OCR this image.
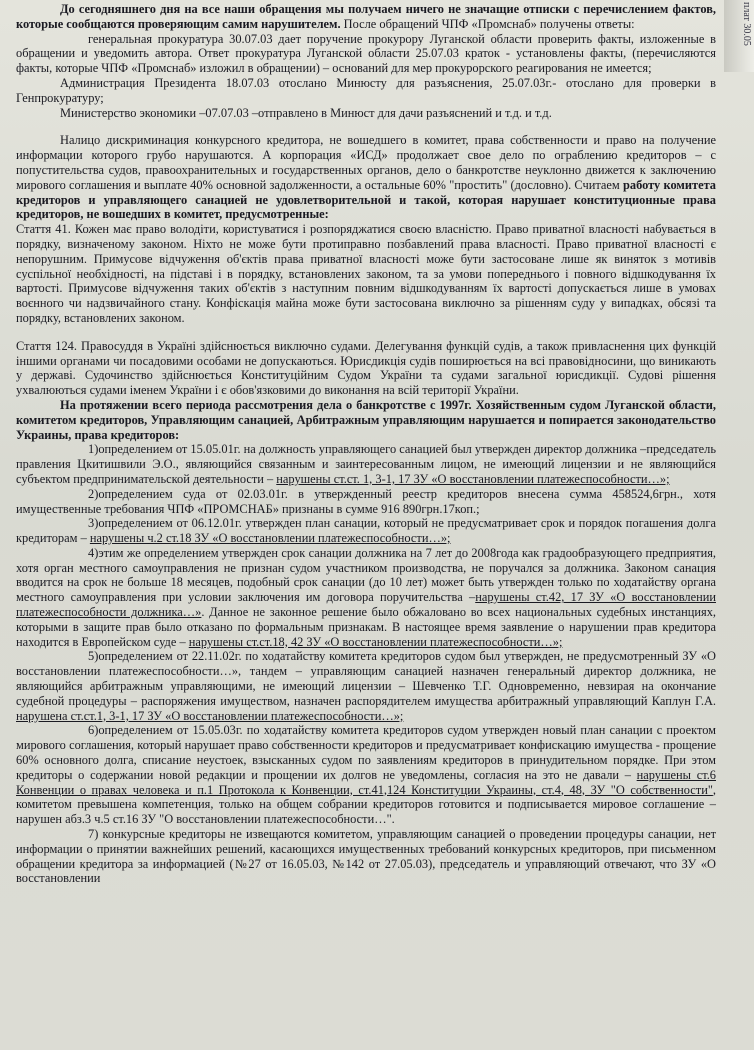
плат 30.05

До сегодняшнего дня на все наши обращения мы получаем ничего не значащие отписки с перечислением фактов, которые сообщаются проверяющим самим нарушителем. После обращений ЧПФ «Промснаб» получены ответы:

генеральная прокуратура 30.07.03 дает поручение прокурору Луганской области проверить факты, изложенные в обращении и уведомить автора. Ответ прокуратура Луганской области 25.07.03 краток - установлены факты, (перечисляются факты, которые ЧПФ «Промснаб» изложил в обращении) – оснований для мер прокурорского реагирования не имеется;

Администрация Президента 18.07.03 отослано Минюсту для разъяснения, 25.07.03г.- отослано для проверки в Генпрокуратуру;

Министерство экономики –07.07.03 –отправлено в Минюст для дачи разъяснений и т.д. и т.д.

Налицо дискриминация конкурсного кредитора, не вошедшего в комитет, права собственности и право на получение информации которого грубо нарушаются. А корпорация «ИСД» продолжает свое дело по ограблению кредиторов – с попустительства судов, правоохранительных и государственных органов, дело о банкротстве неуклонно движется к заключению мирового соглашения и выплате 40% основной задолженности, а остальные 60% "простить" (дословно). Считаем работу комитета кредиторов и управляющего санацией не удовлетворительной и такой, которая нарушает конституционные права кредиторов, не вошедших в комитет, предусмотренные:

Стаття 41. Кожен має право володіти, користуватися і розпоряджатися своєю власністю. Право приватної власності набувається в порядку, визначеному законом. Ніхто не може бути протиправно позбавлений права власності. Право приватної власності є непорушним. Примусове відчуження об'єктів права приватної власності може бути застосоване лише як виняток з мотивів суспільної необхідності, на підставі і в порядку, встановлених законом, та за умови попереднього і повного відшкодування їх вартості. Примусове відчуження таких об'єктів з наступним повним відшкодуванням їх вартості допускається лише в умовах воєнного чи надзвичайного стану. Конфіскація майна може бути застосована виключно за рішенням суду у випадках, обсязі та порядку, встановлених законом.

Стаття 124. Правосуддя в Україні здійснюється виключно судами. Делегування функцій судів, а також привласнення цих функцій іншими органами чи посадовими особами не допускаються. Юрисдикція судів поширюється на всі правовідносини, що виникають у державі. Судочинство здійснюється Конституційним Судом України та судами загальної юрисдикції. Судові рішення ухвалюються судами іменем України і є обов'язковими до виконання на всій території України.

На протяжении всего периода рассмотрения дела о банкротстве с 1997г. Хозяйственным судом Луганской области, комитетом кредиторов, Управляющим санацией, Арбитражным управляющим нарушается и попирается законодательство Украины, права кредиторов:

1)определением от 15.05.01г. на должность управляющего санацией был утвержден директор должника –председатель правления Цкитишвили Э.О., являющийся связанным и заинтересованным лицом, не имеющий лицензии и не являющийся субъектом предпринимательской деятельности – нарушены ст.ст. 1, 3-1, 17 ЗУ «О восстановлении платежеспособности…»;

2)определением суда от 02.03.01г. в утвержденный реестр кредиторов внесена сумма 458524,6грн., хотя имущественные требования ЧПФ «ПРОМСНАБ» признаны в сумме 916 890грн.17коп.;

3)определением от 06.12.01г. утвержден план санации, который не предусматривает срок и порядок погашения долга кредиторам – нарушены ч.2 ст.18 ЗУ «О восстановлении платежеспособности…»;

4)этим же определением утвержден срок санации должника на 7 лет до 2008года как градообразующего предприятия, хотя орган местного самоуправления не признан судом участником производства, не поручался за должника. Законом санация вводится на срок не больше 18 месяцев, подобный срок санации (до 10 лет) может быть утвержден только по ходатайству органа местного самоуправления при условии заключения им договора поручительства –нарушены ст.42, 17 ЗУ «О восстановлении платежеспособности должника…». Данное не законное решение было обжаловано во всех национальных судебных инстанциях, которыми в защите прав было отказано по формальным признакам. В настоящее время заявление о нарушении прав кредитора находится в Европейском суде – нарушены ст.ст.18, 42 ЗУ «О восстановлении платежеспособности…»;

5)определением от 22.11.02г. по ходатайству комитета кредиторов судом был утвержден, не предусмотренный ЗУ «О восстановлении платежеспособности…», тандем – управляющим санацией назначен генеральный директор должника, не являющийся арбитражным управляющими, не имеющий лицензии – Шевченко Т.Г. Одновременно, невзирая на окончание судебной процедуры – распоряжения имуществом, назначен распорядителем имущества арбитражный управляющий Каплун Г.А. нарушена ст.ст.1, 3-1, 17 ЗУ «О восстановлении платежеспособности…»;

6)определением от 15.05.03г. по ходатайству комитета кредиторов судом утвержден новый план санации с проектом мирового соглашения, который нарушает право собственности кредиторов и предусматривает конфискацию имущества - прощение 60% основного долга, списание неустоек, взысканных судом по заявлениям кредиторов в принудительном порядке. При этом кредиторы о содержании новой редакции и прощении их долгов не уведомлены, согласия на это не давали – нарушены ст.6 Конвенции о правах человека и п.1 Протокола к Конвенции, ст.41,124 Конституции Украины, ст.4, 48, ЗУ "О собственности", комитетом превышена компетенция, только на общем собрании кредиторов готовится и подписывается мировое соглашение –нарушен абз.3 ч.5 ст.16 ЗУ "О восстановлении платежеспособности…".

7) конкурсные кредиторы не извещаются комитетом, управляющим санацией о проведении процедуры санации, нет информации о принятии важнейших решений, касающихся имущественных требований конкурсных кредиторов, при письменном обращении кредитора за информацией (№27 от 16.05.03, №142 от 27.05.03), председатель и управляющий отвечают, что ЗУ «О восстановлении
